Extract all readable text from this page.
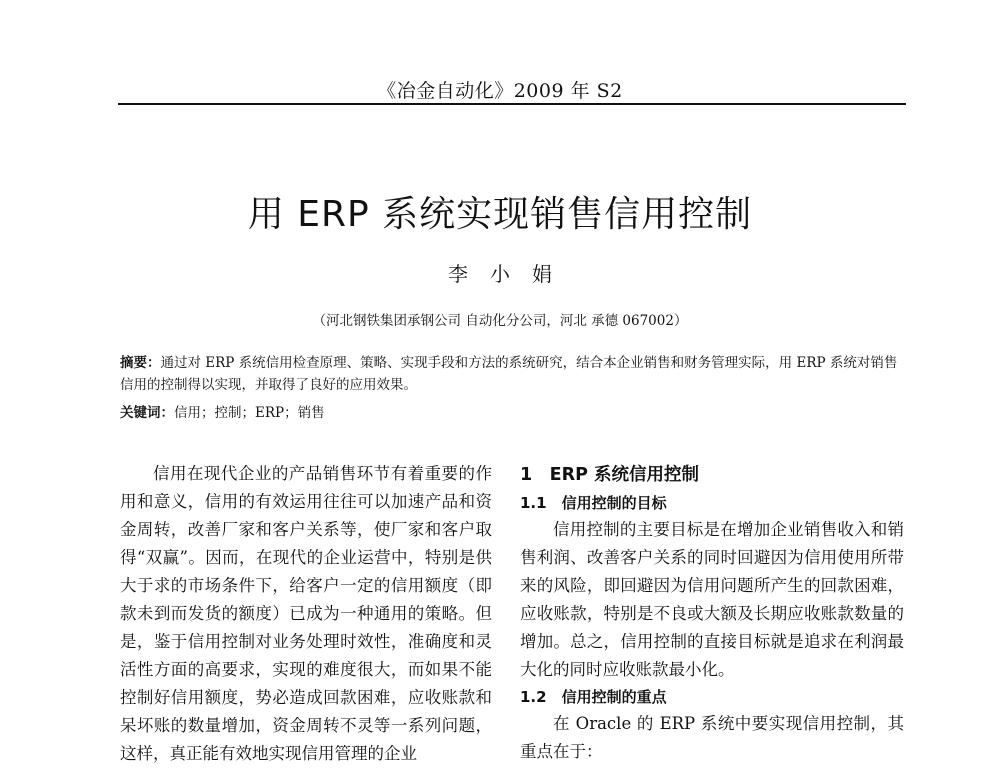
《冶金自动化》2009 年 S2
用 ERP 系统实现销售信用控制
李小娟
（河北钢铁集团承钢公司 自动化分公司，河北 承德 067002）
摘要：通过对 ERP 系统信用检查原理、策略、实现手段和方法的系统研究，结合本企业销售和财务管理实际，用 ERP 系统对销售信用的控制得以实现，并取得了良好的应用效果。
关键词：信用；控制；ERP；销售

信用在现代企业的产品销售环节有着重要的作用和意义，信用的有效运用往往可以加速产品和资金周转，改善厂家和客户关系等，使厂家和客户取得“双赢”。因而，在现代的企业运营中，特别是供大于求的市场条件下，给客户一定的信用额度（即款未到而发货的额度）已成为一种通用的策略。但是，鉴于信用控制对业务处理时效性，准确度和灵活性方面的高要求，实现的难度很大，而如果不能控制好信用额度，势必造成回款困难，应收账款和呆坏账的数量增加，资金周转不灵等一系列问题，这样，真正能有效地实现信用管理的企业

1　ERP 系统信用控制
1.1　信用控制的目标

信用控制的主要目标是在增加企业销售收入和销售利润、改善客户关系的同时回避因为信用使用所带来的风险，即回避因为信用问题所产生的回款困难，应收账款，特别是不良或大额及长期应收账款数量的增加。总之，信用控制的直接目标就是追求在利润最大化的同时应收账款最小化。

1.2　信用控制的重点

在 Oracle 的 ERP 系统中要实现信用控制，其重点在于：
